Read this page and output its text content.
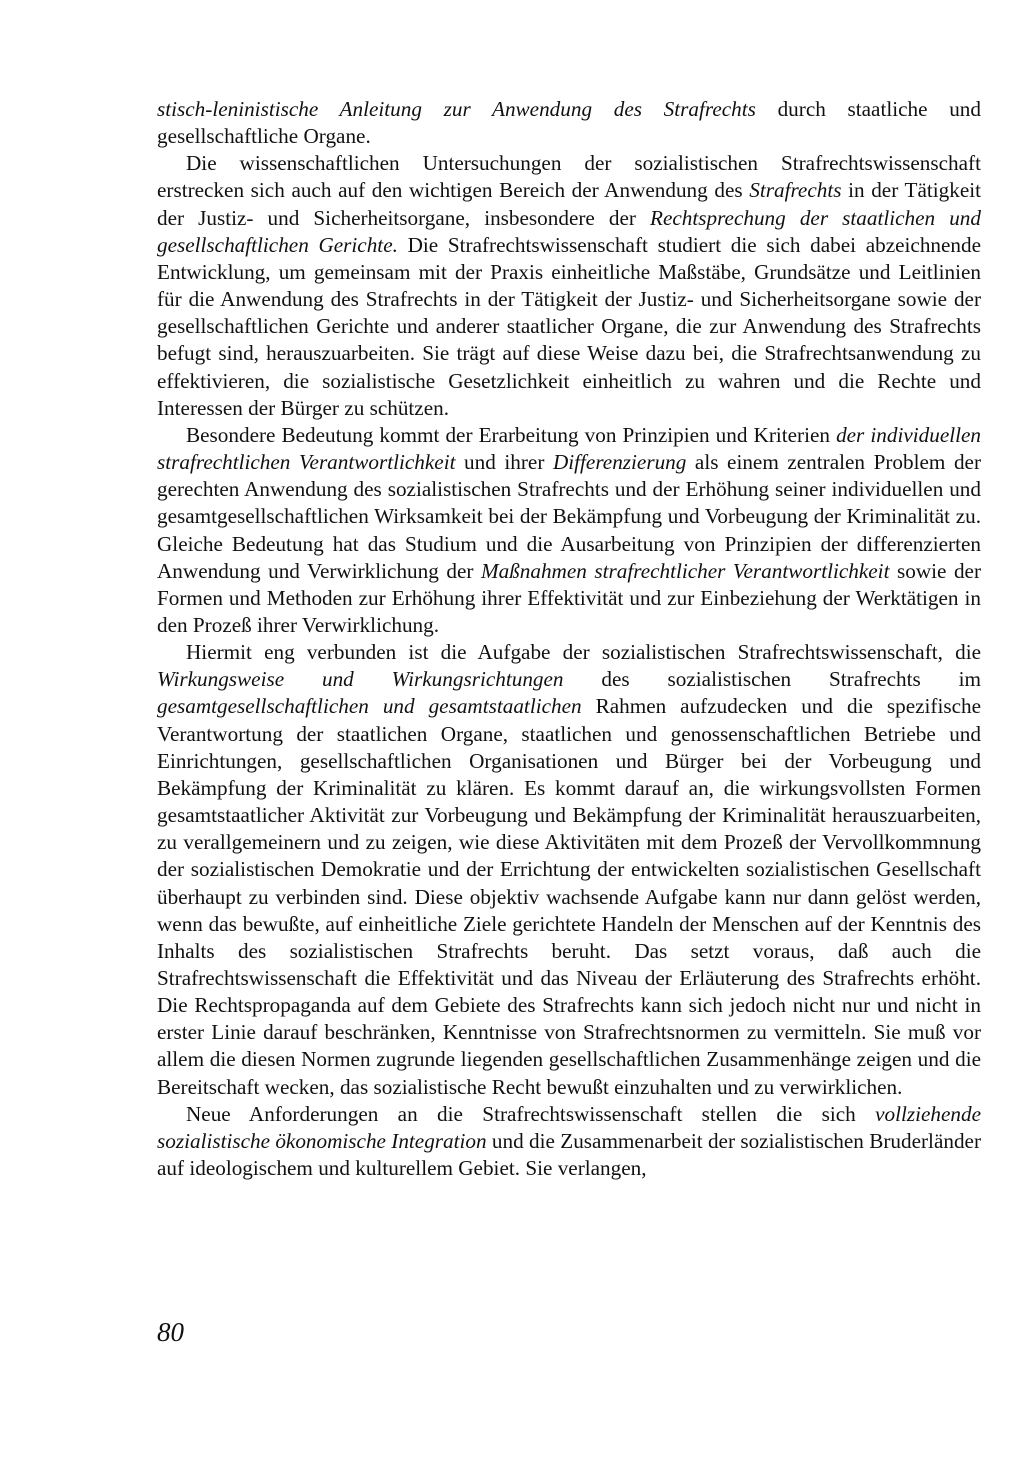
stisch-leninistische Anleitung zur Anwendung des Strafrechts durch staatliche und gesellschaftliche Organe.

Die wissenschaftlichen Untersuchungen der sozialistischen Strafrechtswissenschaft erstrecken sich auch auf den wichtigen Bereich der Anwendung des Strafrechts in der Tätigkeit der Justiz- und Sicherheitsorgane, insbesondere der Rechtsprechung der staatlichen und gesellschaftlichen Gerichte. Die Strafrechtswissenschaft studiert die sich dabei abzeichnende Entwicklung, um gemeinsam mit der Praxis einheitliche Maßstäbe, Grundsätze und Leitlinien für die Anwendung des Strafrechts in der Tätigkeit der Justiz- und Sicherheitsorgane sowie der gesellschaftlichen Gerichte und anderer staatlicher Organe, die zur Anwendung des Strafrechts befugt sind, herauszuarbeiten. Sie trägt auf diese Weise dazu bei, die Strafrechtsanwendung zu effektivieren, die sozialistische Gesetzlichkeit einheitlich zu wahren und die Rechte und Interessen der Bürger zu schützen.

Besondere Bedeutung kommt der Erarbeitung von Prinzipien und Kriterien der individuellen strafrechtlichen Verantwortlichkeit und ihrer Differenzierung als einem zentralen Problem der gerechten Anwendung des sozialistischen Strafrechts und der Erhöhung seiner individuellen und gesamtgesellschaftlichen Wirksamkeit bei der Bekämpfung und Vorbeugung der Kriminalität zu. Gleiche Bedeutung hat das Studium und die Ausarbeitung von Prinzipien der differenzierten Anwendung und Verwirklichung der Maßnahmen strafrechtlicher Verantwortlichkeit sowie der Formen und Methoden zur Erhöhung ihrer Effektivität und zur Einbeziehung der Werktätigen in den Prozeß ihrer Verwirklichung.

Hiermit eng verbunden ist die Aufgabe der sozialistischen Strafrechtswissenschaft, die Wirkungsweise und Wirkungsrichtungen des sozialistischen Strafrechts im gesamtgesellschaftlichen und gesamtstaatlichen Rahmen aufzudecken und die spezifische Verantwortung der staatlichen Organe, staatlichen und genossenschaftlichen Betriebe und Einrichtungen, gesellschaftlichen Organisationen und Bürger bei der Vorbeugung und Bekämpfung der Kriminalität zu klären. Es kommt darauf an, die wirkungsvollsten Formen gesamtstaatlicher Aktivität zur Vorbeugung und Bekämpfung der Kriminalität herauszuarbeiten, zu verallgemeinern und zu zeigen, wie diese Aktivitäten mit dem Prozeß der Vervollkommnung der sozialistischen Demokratie und der Errichtung der entwickelten sozialistischen Gesellschaft überhaupt zu verbinden sind. Diese objektiv wachsende Aufgabe kann nur dann gelöst werden, wenn das bewußte, auf einheitliche Ziele gerichtete Handeln der Menschen auf der Kenntnis des Inhalts des sozialistischen Strafrechts beruht. Das setzt voraus, daß auch die Strafrechtswissenschaft die Effektivität und das Niveau der Erläuterung des Strafrechts erhöht. Die Rechtspropaganda auf dem Gebiete des Strafrechts kann sich jedoch nicht nur und nicht in erster Linie darauf beschränken, Kenntnisse von Strafrechtsnormen zu vermitteln. Sie muß vor allem die diesen Normen zugrunde liegenden gesellschaftlichen Zusammenhänge zeigen und die Bereitschaft wecken, das sozialistische Recht bewußt einzuhalten und zu verwirklichen.

Neue Anforderungen an die Strafrechtswissenschaft stellen die sich vollziehende sozialistische ökonomische Integration und die Zusammenarbeit der sozialistischen Bruderländer auf ideologischem und kulturellem Gebiet. Sie verlangen,

80
